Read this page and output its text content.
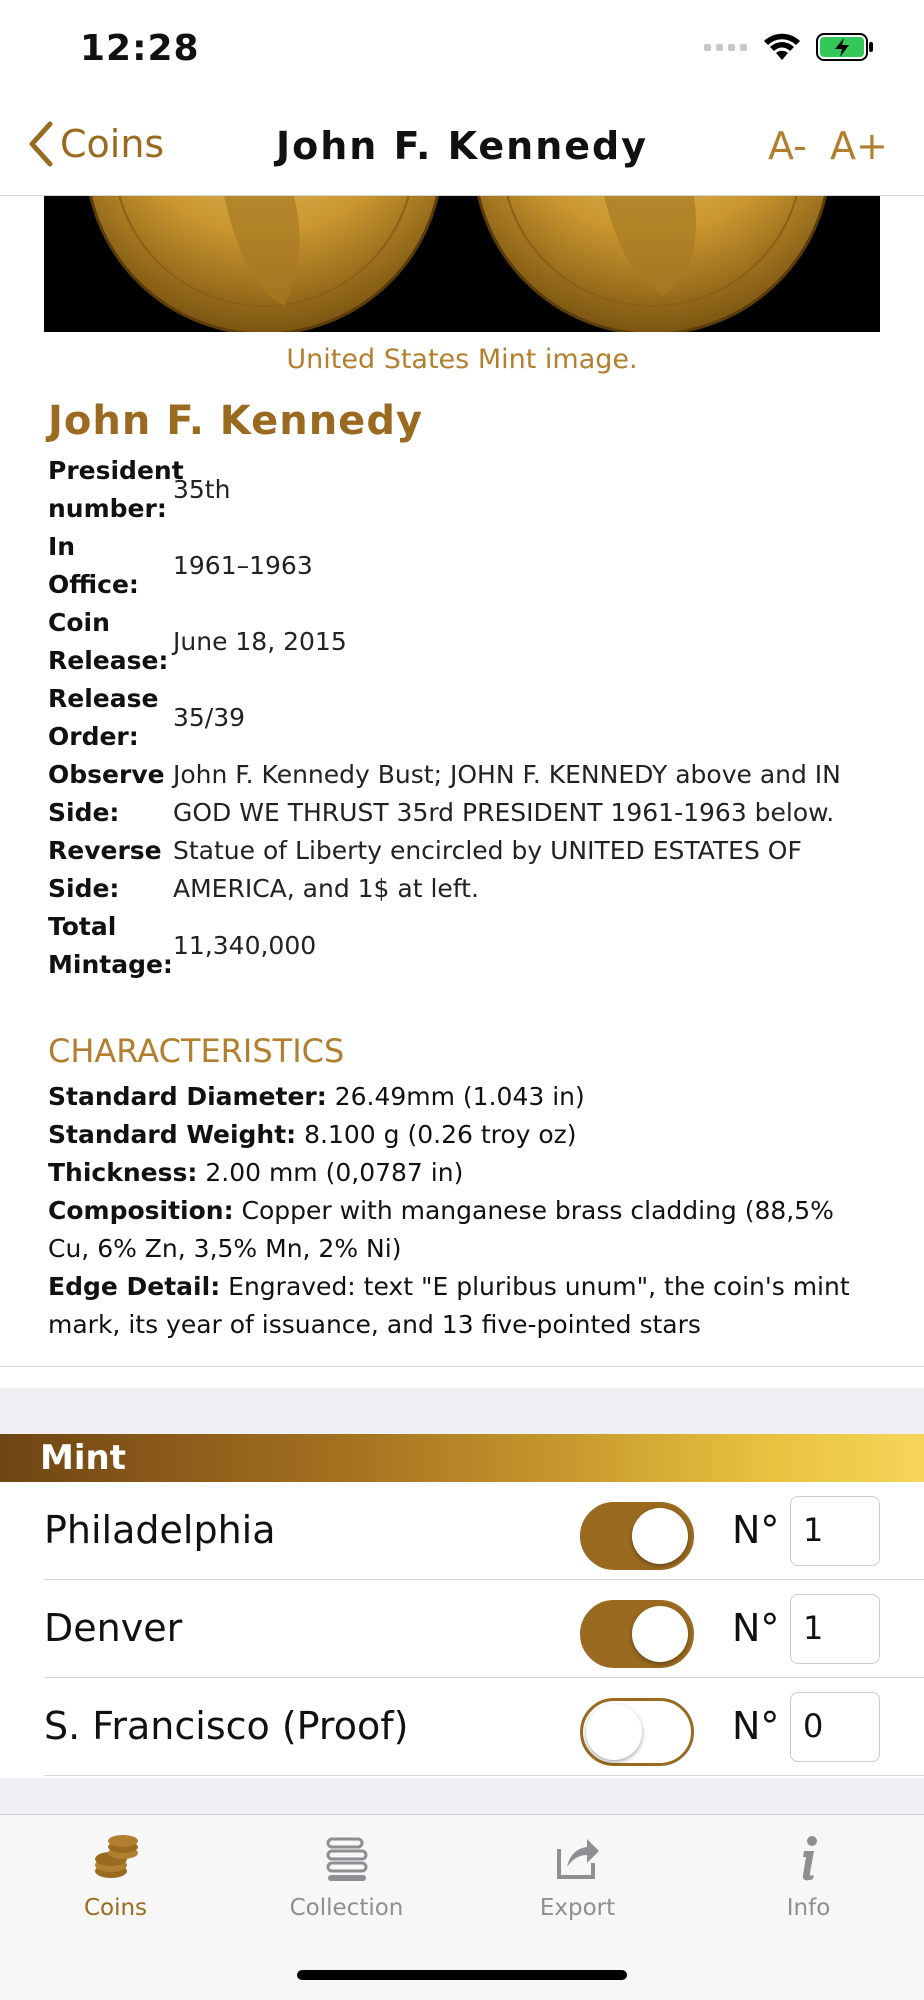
12:28
Coins	John F. Kennedy	A- A+
United States Mint image.
John F. Kennedy
President number:
35th
In Office:
1961–1963
Coin Release:
June 18, 2015
Release Order:
35/39
Observe Side:
John F. Kennedy Bust; JOHN F. KENNEDY above and IN GOD WE THRUST 35rd PRESIDENT 1961-1963 below.
Reverse Side:
Statue of Liberty encircled by UNITED ESTATES OF AMERICA, and 1$ at left.
Total Mintage:
11,340,000
CHARACTERISTICS
Standard Diameter: 26.49mm (1.043 in)
Standard Weight: 8.100 g (0.26 troy oz)
Thickness: 2.00 mm (0,0787 in)
Composition: Copper with manganese brass cladding (88,5% Cu, 6% Zn, 3,5% Mn, 2% Ni)
Edge Detail: Engraved: text "E pluribus unum", the coin's mint mark, its year of issuance, and 13 five-pointed stars
Mint
Philadelphia	N° 1
Denver	N° 1
S. Francisco (Proof)	N° 0
Coins	Collection	Export	Info
